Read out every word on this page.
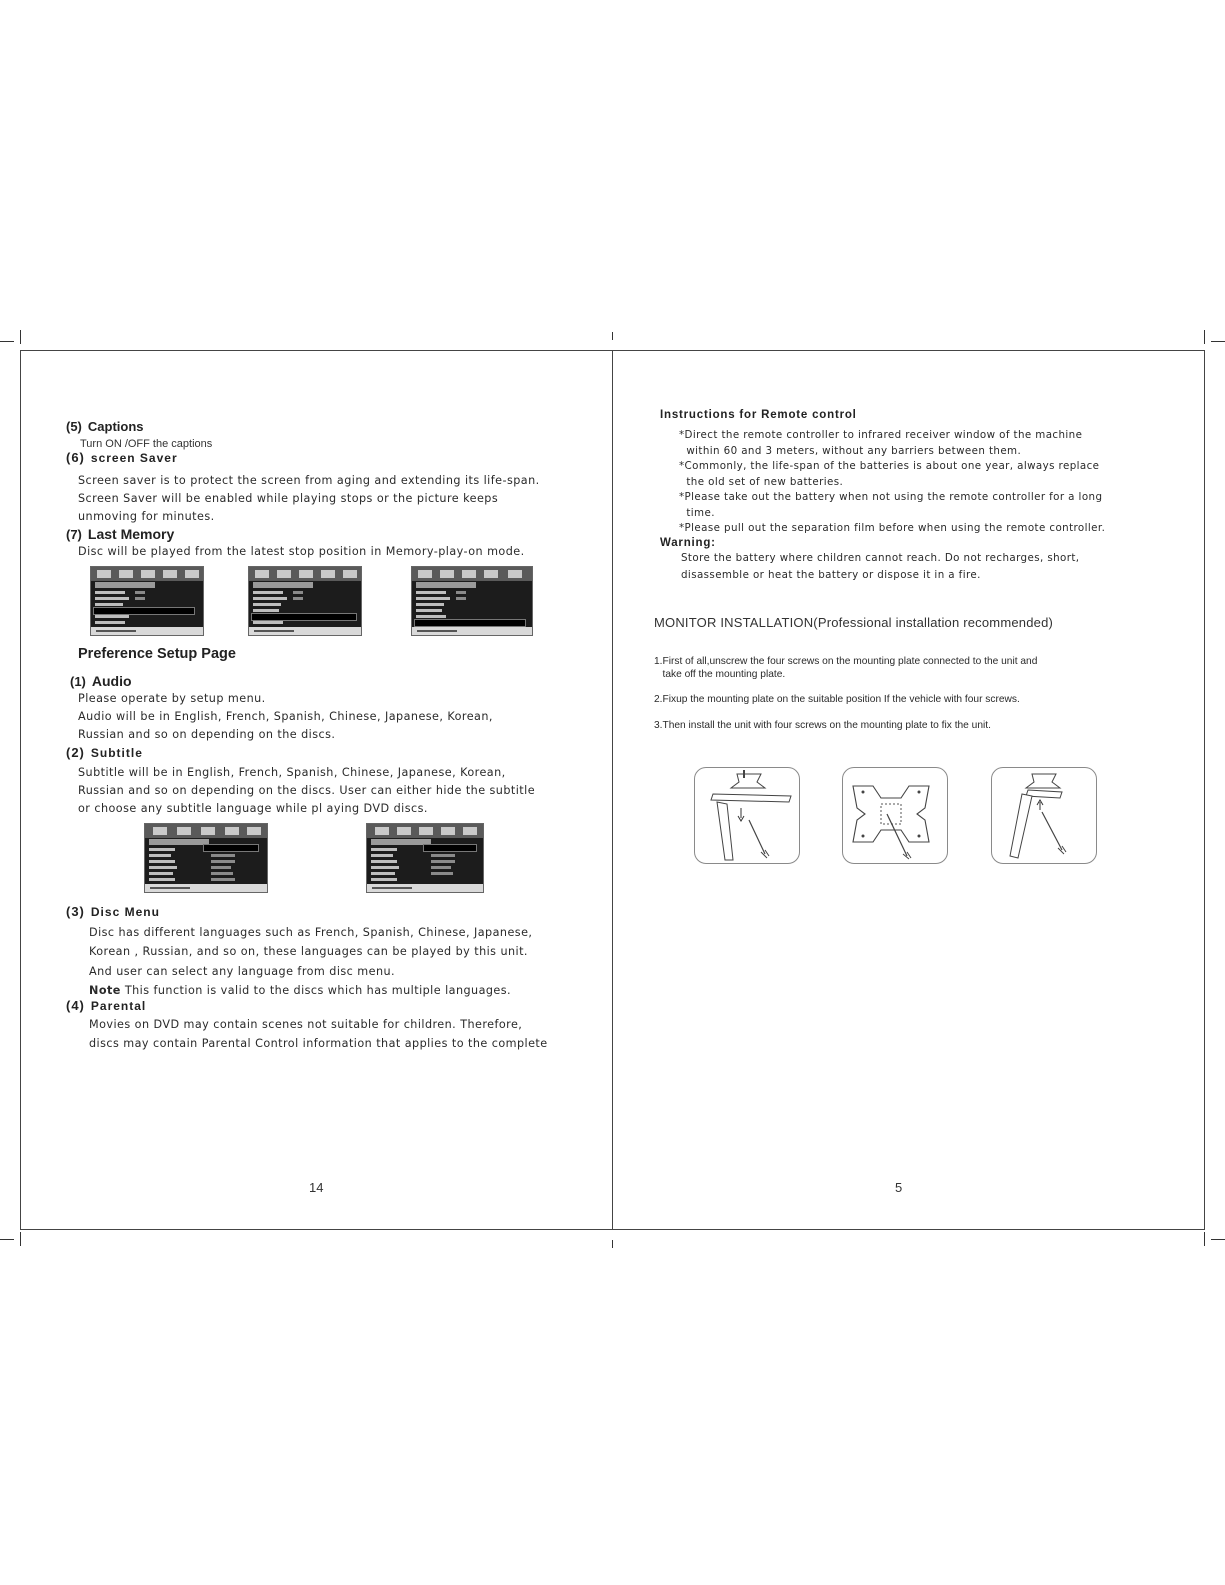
(5) Captions
Turn ON /OFF the captions
(6) screen Saver
Screen saver is to protect the screen from aging and extending its life-span.
Screen Saver will be enabled while playing stops or the picture keeps
unmoving for minutes.
(7) Last Memory
Disc will be played from the latest stop position in Memory-play-on mode.
Preference Setup Page
(1) Audio
Please operate by setup menu.
Audio will be in English, French, Spanish, Chinese, Japanese, Korean,
Russian and so on depending on the discs.
(2) Subtitle
Subtitle will be in English, French, Spanish, Chinese, Japanese, Korean,
Russian and so on depending on the discs. User can either hide the subtitle
or choose any subtitle language while pl aying DVD discs.
(3) Disc Menu
Disc has different languages such as French, Spanish, Chinese, Japanese,
Korean , Russian, and so on, these languages can be played by this unit.
And user can select any language from disc menu.
Note This function is valid to the discs which has multiple languages.
(4) Parental
Movies on DVD may contain scenes not suitable for children. Therefore,
discs may contain Parental Control information that applies to the complete
14
Instructions for Remote control
*Direct the remote controller to infrared receiver window of the machine
within 60 and 3 meters, without any barriers between them.
*Commonly, the life-span of the batteries is about one year, always replace
the old set of new batteries.
*Please take out the battery when not using the remote controller for a long
time.
*Please pull out the separation film before when using the remote controller.
Warning:
Store the battery where children cannot reach. Do not recharges, short,
disassemble or heat the battery or dispose it in a fire.
MONITOR INSTALLATION(Professional installation recommended)
1.First of all,unscrew the four screws on the mounting plate connected to the unit and
take off the mounting plate.
2.Fixup the mounting plate on the suitable position If the vehicle with four screws.
3.Then install the unit with four screws on the mounting plate to fix the unit.
5
